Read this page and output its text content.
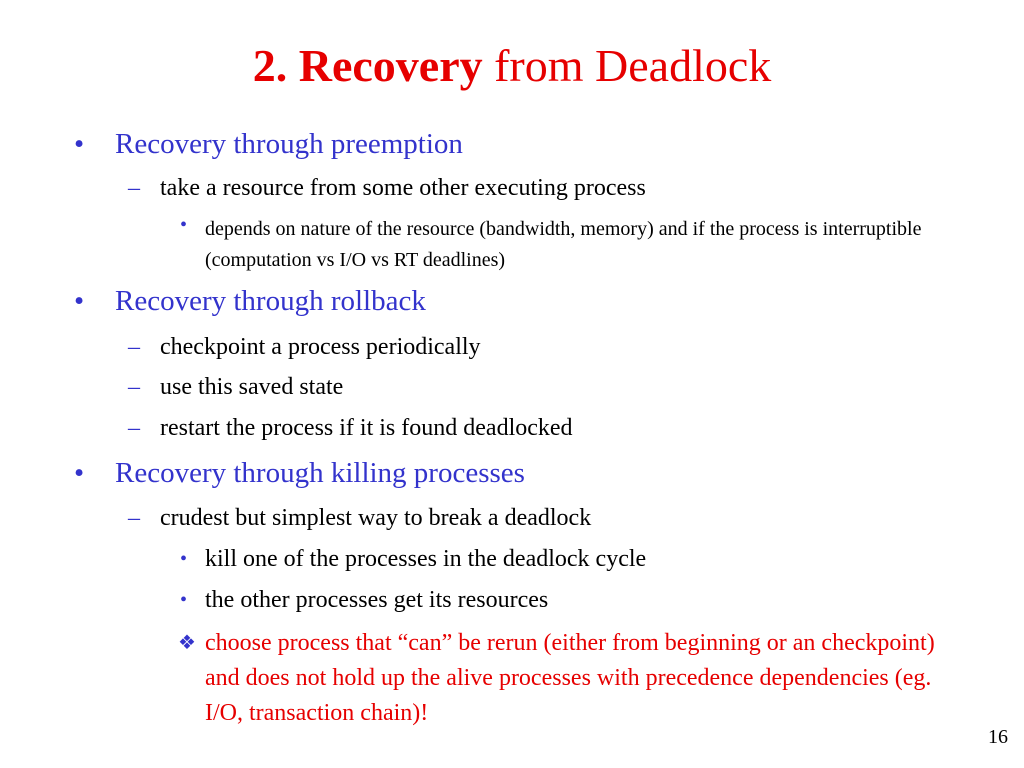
2. Recovery from Deadlock
• Recovery through preemption
– take a resource from some other executing process
• depends on nature of the resource (bandwidth, memory) and if the process is interruptible (computation vs I/O vs RT deadlines)
• Recovery through rollback
– checkpoint a process periodically
– use this saved state
– restart the process if it is found deadlocked
• Recovery through killing processes
– crudest but simplest way to break a deadlock
• kill one of the processes in the deadlock cycle
• the other processes get its resources
❖ choose process that “can” be rerun (either from beginning or an checkpoint) and does not hold up the alive processes with precedence dependencies (eg. I/O, transaction chain)!
16
